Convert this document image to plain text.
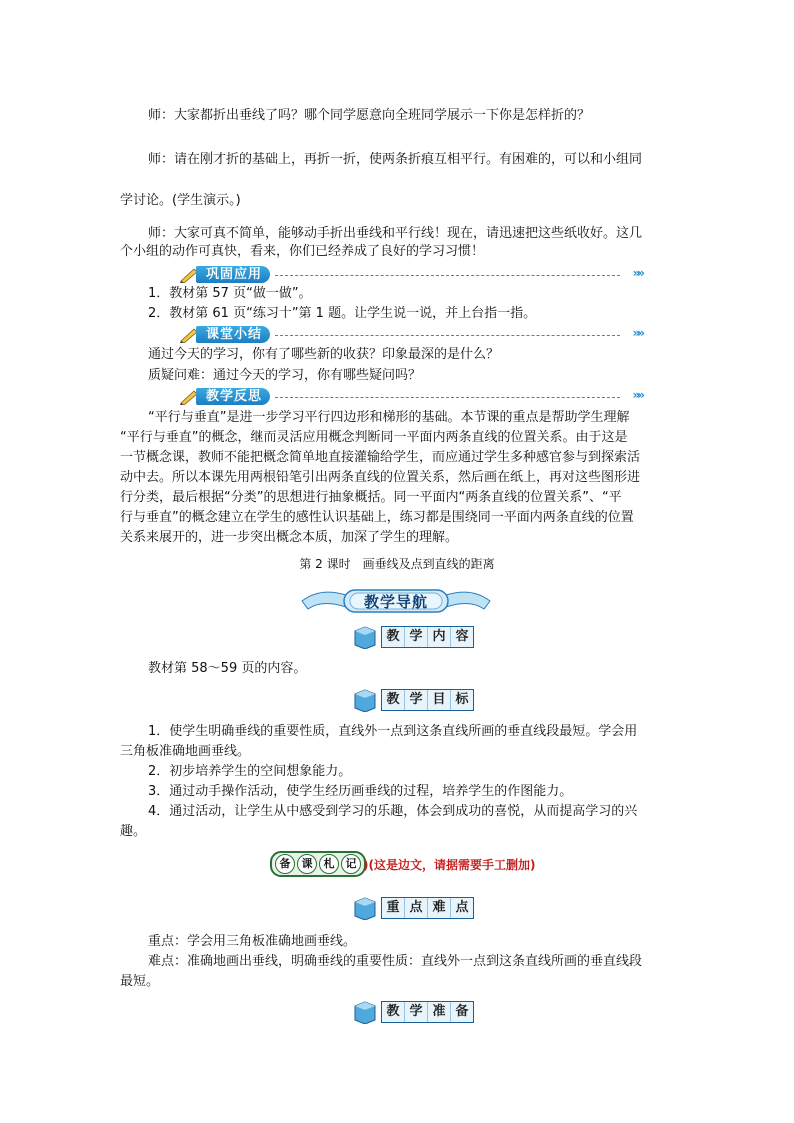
师：大家都折出垂线了吗？哪个同学愿意向全班同学展示一下你是怎样折的？
师：请在刚才折的基础上，再折一折，使两条折痕互相平行。有困难的，可以和小组同
学讨论。(学生演示。)
师：大家可真不简单，能够动手折出垂线和平行线！现在，请迅速把这些纸收好。这几
个小组的动作可真快，看来，你们已经养成了良好的学习习惯！
巩固应用	»»
1．教材第 57 页“做一做”。
2．教材第 61 页“练习十”第 1 题。让学生说一说，并上台指一指。
课堂小结	»»
通过今天的学习，你有了哪些新的收获？印象最深的是什么？
质疑问难：通过今天的学习，你有哪些疑问吗？
教学反思	»»
“平行与垂直”是进一步学习平行四边形和梯形的基础。本节课的重点是帮助学生理解
“平行与垂直”的概念，继而灵活应用概念判断同一平面内两条直线的位置关系。由于这是
一节概念课，教师不能把概念简单地直接灌输给学生，而应通过学生多种感官参与到探索活
动中去。所以本课先用两根铅笔引出两条直线的位置关系，然后画在纸上，再对这些图形进
行分类，最后根据“分类”的思想进行抽象概括。同一平面内“两条直线的位置关系”、“平
行与垂直”的概念建立在学生的感性认识基础上，练习都是围绕同一平面内两条直线的位置
关系来展开的，进一步突出概念本质，加深了学生的理解。
第 2 课时　画垂线及点到直线的距离
教学导航
教 学 内 容
教材第 58～59 页的内容。
教 学 目 标
1．使学生明确垂线的重要性质，直线外一点到这条直线所画的垂直线段最短。学会用
三角板准确地画垂线。
2．初步培养学生的空间想象能力。
3．通过动手操作活动，使学生经历画垂线的过程，培养学生的作图能力。
4．通过活动，让学生从中感受到学习的乐趣，体会到成功的喜悦，从而提高学习的兴
趣。
备	课	札	记 )(这是边文，请据需要手工删加)
重 点 难 点
重点：学会用三角板准确地画垂线。
难点：准确地画出垂线，明确垂线的重要性质：直线外一点到这条直线所画的垂直线段
最短。
教 学 准 备
